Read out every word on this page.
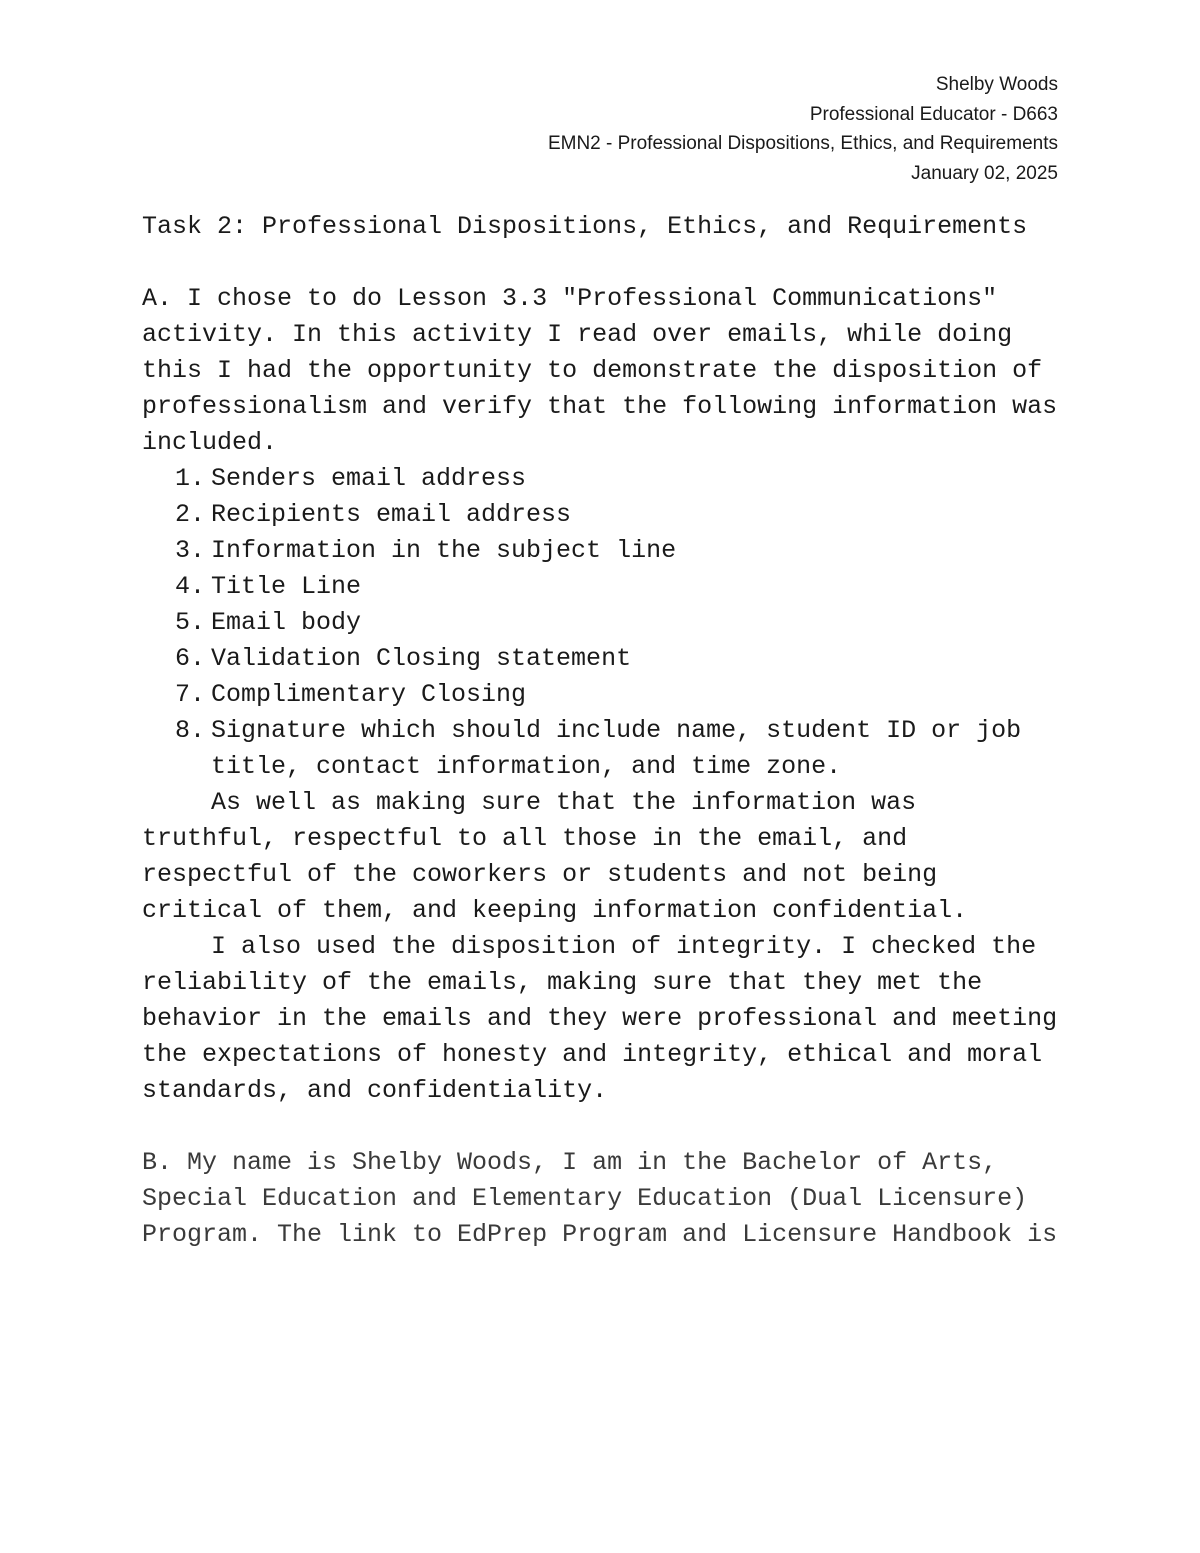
Shelby Woods
Professional Educator - D663
EMN2 - Professional Dispositions, Ethics, and Requirements
January 02, 2025

Task 2: Professional Dispositions, Ethics, and Requirements

A. I chose to do Lesson 3.3 "Professional Communications" activity. In this activity I read over emails, while doing this I had the opportunity to demonstrate the disposition of professionalism and verify that the following information was included.

1. Senders email address
2. Recipients email address
3. Information in the subject line
4. Title Line
5. Email body
6. Validation Closing statement
7. Complimentary Closing
8. Signature which should include name, student ID or job title, contact information, and time zone.

As well as making sure that the information was truthful, respectful to all those in the email, and respectful of the coworkers or students and not being critical of them, and keeping information confidential.

I also used the disposition of integrity. I checked the reliability of the emails, making sure that they met the behavior in the emails and they were professional and meeting the expectations of honesty and integrity, ethical and moral standards, and confidentiality.

B. My name is Shelby Woods, I am in the Bachelor of Arts, Special Education and Elementary Education (Dual Licensure) Program. The link to EdPrep Program and Licensure Handbook is
